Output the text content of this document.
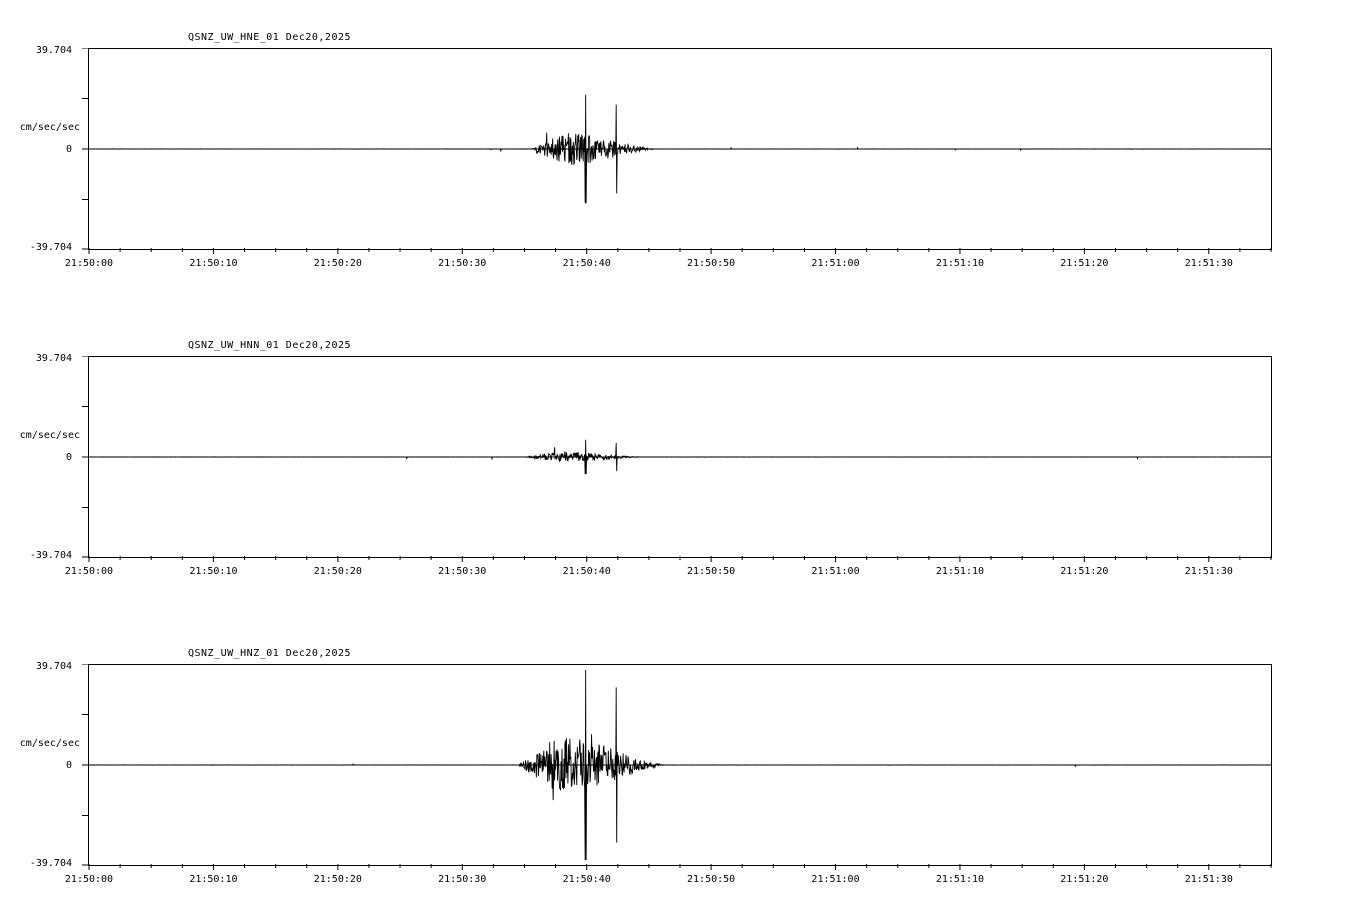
QSNZ_UW_HNE_01 Dec20,2025
39.704
cm/sec/sec
0
-39.704
21:50:00	21:50:10	21:50:20	21:50:30	21:50:40	21:50:50	21:51:00	21:51:10	21:51:20	21:51:30
QSNZ_UW_HNN_01 Dec20,2025
39.704
cm/sec/sec
0
-39.704
21:50:00	21:50:10	21:50:20	21:50:30	21:50:40	21:50:50	21:51:00	21:51:10	21:51:20	21:51:30
QSNZ_UW_HNZ_01 Dec20,2025
39.704
cm/sec/sec
0
-39.704
21:50:00	21:50:10	21:50:20	21:50:30	21:50:40	21:50:50	21:51:00	21:51:10	21:51:20	21:51:30
